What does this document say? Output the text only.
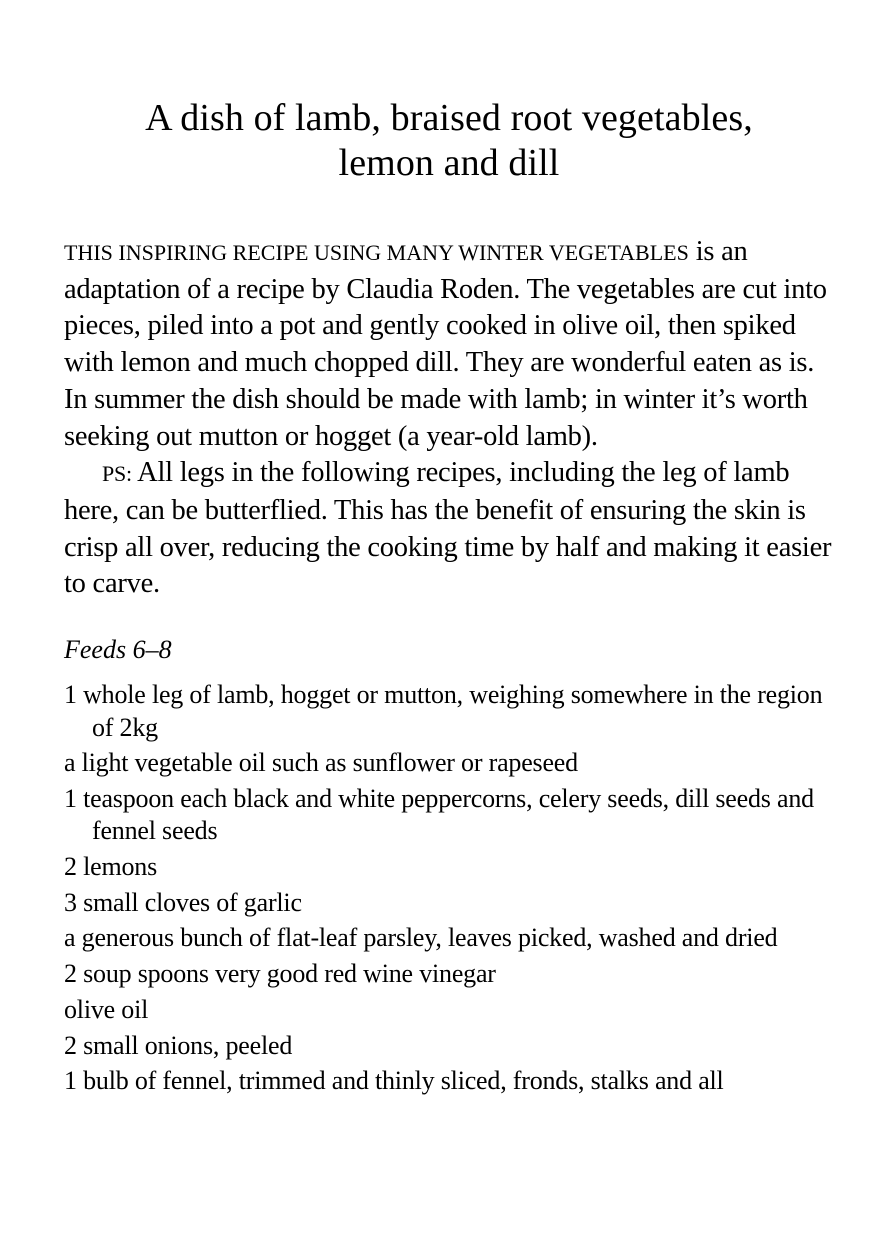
A dish of lamb, braised root vegetables,
lemon and dill

THIS INSPIRING RECIPE USING MANY WINTER VEGETABLES is an adaptation of a recipe by Claudia Roden. The vegetables are cut into pieces, piled into a pot and gently cooked in olive oil, then spiked with lemon and much chopped dill. They are wonderful eaten as is. In summer the dish should be made with lamb; in winter it’s worth seeking out mutton or hogget (a year-old lamb).

PS: All legs in the following recipes, including the leg of lamb here, can be butterflied. This has the benefit of ensuring the skin is crisp all over, reducing the cooking time by half and making it easier to carve.

Feeds 6–8
1 whole leg of lamb, hogget or mutton, weighing somewhere in the region of 2kg
a light vegetable oil such as sunflower or rapeseed
1 teaspoon each black and white peppercorns, celery seeds, dill seeds and fennel seeds
2 lemons
3 small cloves of garlic
a generous bunch of flat-leaf parsley, leaves picked, washed and dried
2 soup spoons very good red wine vinegar
olive oil
2 small onions, peeled
1 bulb of fennel, trimmed and thinly sliced, fronds, stalks and all
